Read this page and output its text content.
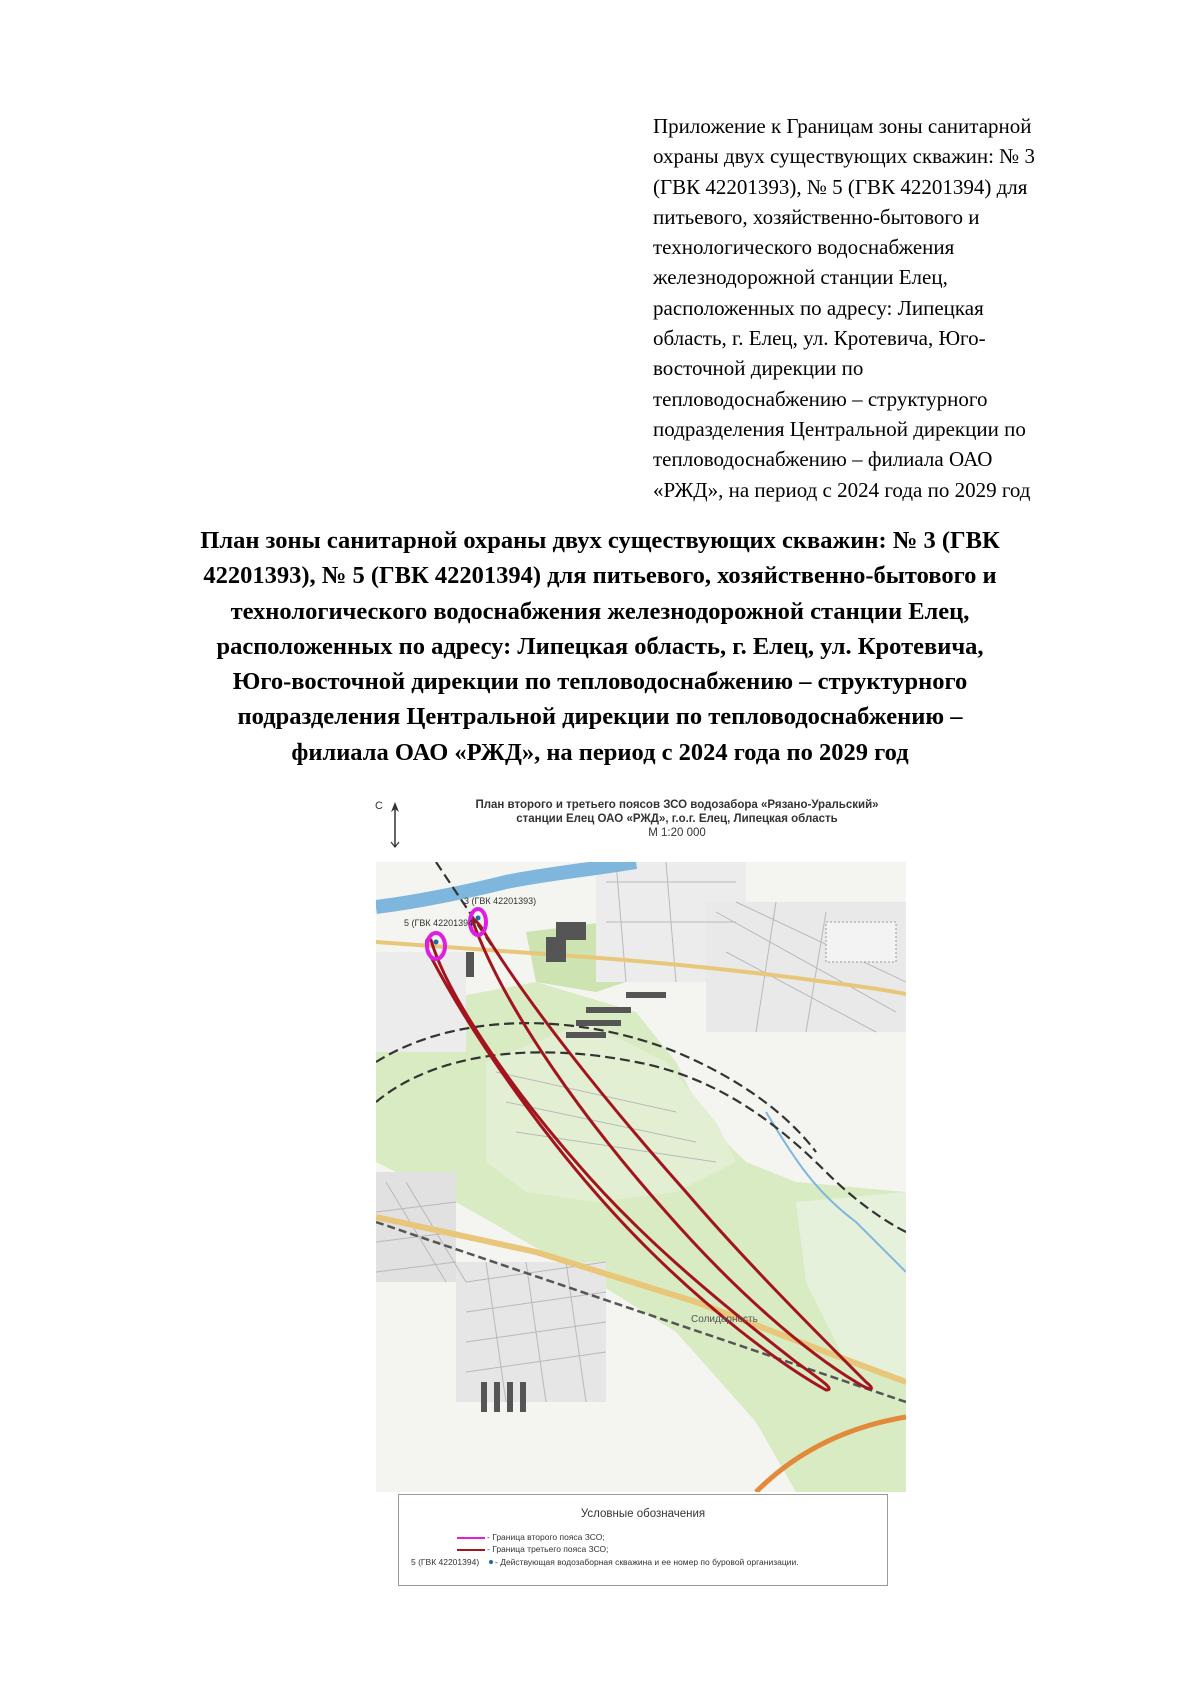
Приложение к Границам зоны санитарной
охраны двух существующих скважин: № 3
(ГВК 42201393), № 5 (ГВК 42201394) для
питьевого, хозяйственно-бытового и
технологического водоснабжения
железнодорожной станции Елец,
расположенных по адресу: Липецкая
область, г. Елец, ул. Кротевича, Юго-
восточной дирекции по
тепловодоснабжению – структурного
подразделения Центральной дирекции по
тепловодоснабжению – филиала ОАО
«РЖД», на период с 2024 года по 2029 год
План зоны санитарной охраны двух существующих скважин: № 3 (ГВК
42201393), № 5 (ГВК 42201394) для питьевого, хозяйственно-бытового и
технологического водоснабжения железнодорожной станции Елец,
расположенных по адресу: Липецкая область, г. Елец, ул. Кротевича,
Юго-восточной дирекции по тепловодоснабжению – структурного
подразделения Центральной дирекции по тепловодоснабжению –
филиала ОАО «РЖД», на период с 2024 года по 2029 год
С	План второго и третьего поясов ЗСО водозабора «Рязано-Уральский»
станции Елец ОАО «РЖД», г.о.г. Елец, Липецкая область
М 1:20 000
3 (ГВК 42201393)
5 (ГВК 42201394)
Солидарность
Условные обозначения
- Граница второго пояса ЗСО;
- Граница третьего пояса ЗСО;
5 (ГВК 42201394) - Действующая водозаборная скважина и ее номер по буровой организации.
